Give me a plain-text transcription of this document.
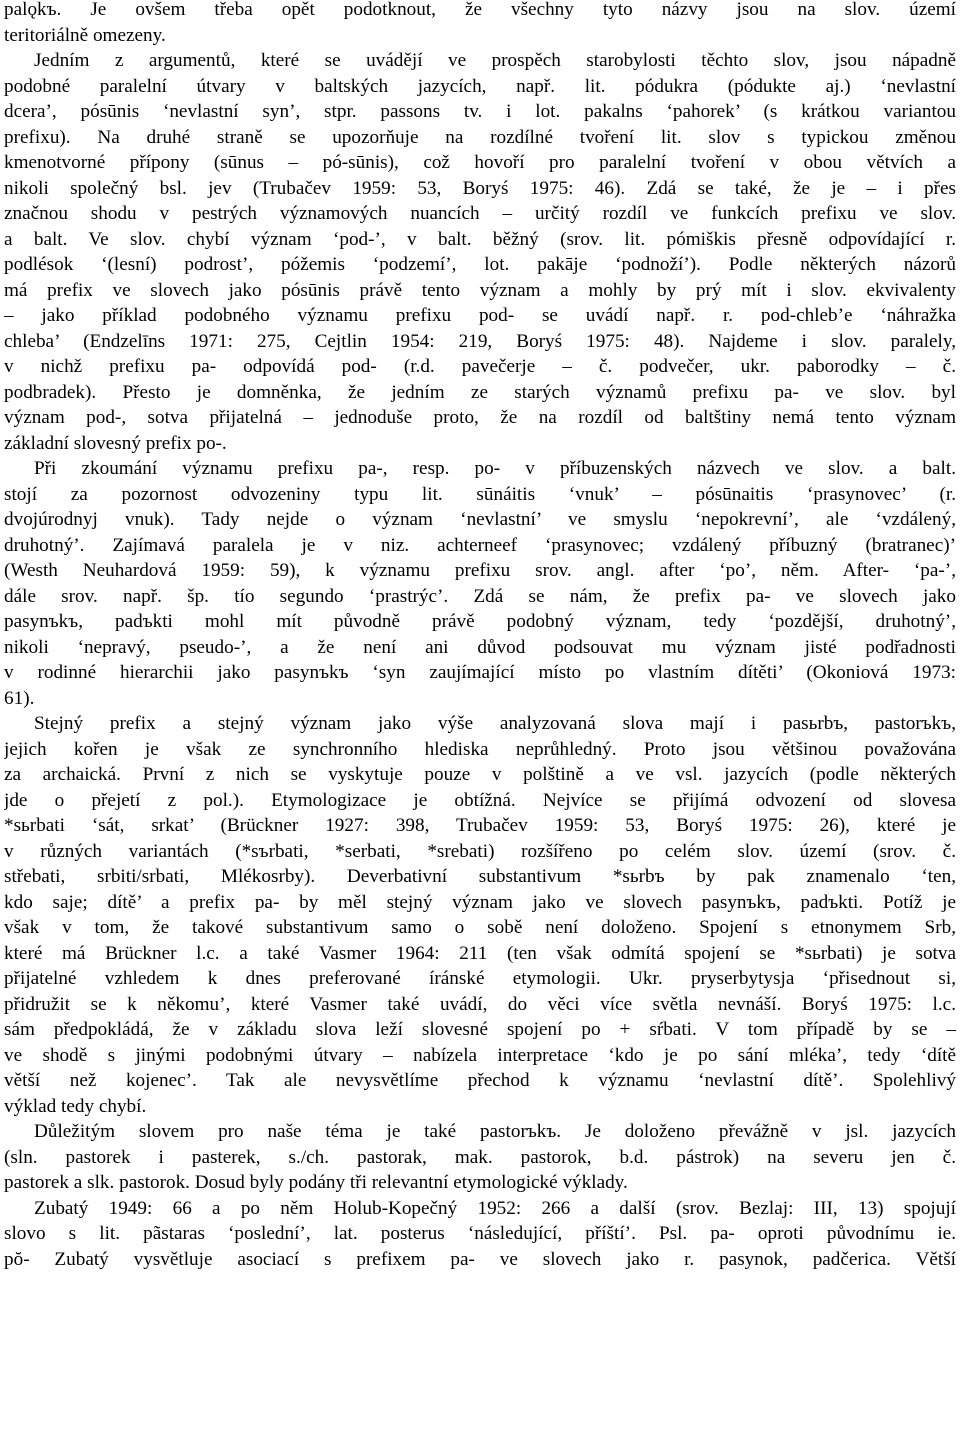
palǫkъ. Je ovšem třeba opět podotknout, že všechny tyto názvy jsou na slov. území
teritoriálně omezeny.
Jedním z argumentů, které se uvádějí ve prospěch starobylosti těchto slov, jsou nápadně
podobné paralelní útvary v baltských jazycích, např. lit. pódukra (pódukte aj.) ‘nevlastní
dcera’, pósūnis ‘nevlastní syn’, stpr. passons tv. i lot. pakalns ‘pahorek’ (s krátkou variantou
prefixu). Na druhé straně se upozorňuje na rozdílné tvoření lit. slov s typickou změnou
kmenotvorné přípony (sūnus – pó-sūnis), což hovoří pro paralelní tvoření v obou větvích a
nikoli společný bsl. jev (Trubačev 1959: 53, Boryś 1975: 46). Zdá se také, že je – i přes
značnou shodu v pestrých významových nuancích – určitý rozdíl ve funkcích prefixu ve slov.
a balt. Ve slov. chybí význam ‘pod-’, v balt. běžný (srov. lit. pómiškis přesně odpovídající r.
podlésok ‘(lesní) podrost’, póžemis ‘podzemí’, lot. pakāje ‘podnoží’). Podle některých názorů
má prefix ve slovech jako pósūnis právě tento význam a mohly by prý mít i slov. ekvivalenty
– jako příklad podobného významu prefixu pod- se uvádí např. r. pod-chleb’e ‘náhražka
chleba’ (Endzelīns 1971: 275, Cejtlin 1954: 219, Boryś 1975: 48). Najdeme i slov. paralely,
v nichž prefixu pa- odpovídá pod- (r.d. pavečerje – č. podvečer, ukr. paborodky – č.
podbradek). Přesto je domněnka, že jedním ze starých významů prefixu pa- ve slov. byl
význam pod-, sotva přijatelná – jednoduše proto, že na rozdíl od baltštiny nemá tento význam
základní slovesný prefix po-.
Při zkoumání významu prefixu pa-, resp. po- v příbuzenských názvech ve slov. a balt.
stojí za pozornost odvozeniny typu lit. sūnáitis ‘vnuk’ – pósūnaitis ‘prasynovec’ (r.
dvojúrodnyj vnuk). Tady nejde o význam ‘nevlastní’ ve smyslu ‘nepokrevní’, ale ‘vzdálený,
druhotný’. Zajímavá paralela je v niz. achterneef ‘prasynovec; vzdálený příbuzný (bratranec)’
(Westh Neuhardová 1959: 59), k významu prefixu srov. angl. after ‘po’, něm. After- ‘pa-’,
dále srov. např. šp. tío segundo ‘prastrýc’. Zdá se nám, že prefix pa- ve slovech jako
pasynъkъ, padъkti mohl mít původně právě podobný význam, tedy ‘pozdější, druhotný’,
nikoli ‘nepravý, pseudo-’, a že není ani důvod podsouvat mu význam jisté podřadnosti
v rodinné hierarchii jako pasynъkъ ‘syn zaujímající místo po vlastním dítěti’ (Okoniová 1973:
61).
Stejný prefix a stejný význam jako výše analyzovaná slova mají i pasьrbъ, pastorъkъ,
jejich kořen je však ze synchronního hlediska neprůhledný. Proto jsou většinou považována
za archaická. První z nich se vyskytuje pouze v polštině a ve vsl. jazycích (podle některých
jde o přejetí z pol.). Etymologizace je obtížná. Nejvíce se přijímá odvození od slovesa
*sьrbati ‘sát, srkat’ (Brückner 1927: 398, Trubačev 1959: 53, Boryś 1975: 26), které je
v různých variantách (*sъrbati, *serbati, *srebati) rozšířeno po celém slov. území (srov. č.
střebati, srbiti/srbati, Mlékosrby). Deverbativní substantivum *sьrbъ by pak znamenalo ‘ten,
kdo saje; dítě’ a prefix pa- by měl stejný význam jako ve slovech pasynъkъ, padъkti. Potíž je
však v tom, že takové substantivum samo o sobě není doloženo. Spojení s etnonymem Srb,
které má Brückner l.c. a také Vasmer 1964: 211 (ten však odmítá spojení se *sьrbati) je sotva
přijatelné vzhledem k dnes preferované íránské etymologii. Ukr. pryserbytysja ‘přisednout si,
přidružit se k někomu’, které Vasmer také uvádí, do věci více světla nevnáší. Boryś 1975: l.c.
sám předpokládá, že v základu slova leží slovesné spojení po + sŕbati. V tom případě by se –
ve shodě s jinými podobnými útvary – nabízela interpretace ‘kdo je po sání mléka’, tedy ‘dítě
větší než kojenec’. Tak ale nevysvětlíme přechod k významu ‘nevlastní dítě’. Spolehlivý
výklad tedy chybí.
Důležitým slovem pro naše téma je také pastorъkъ. Je doloženo převážně v jsl. jazycích
(sln. pastorek i pasterek, s./ch. pastorak, mak. pastorok, b.d. pástrok) na severu jen č.
pastorek a slk. pastorok. Dosud byly podány tři relevantní etymologické výklady.
Zubatý 1949: 66 a po něm Holub-Kopečný 1952: 266 a další (srov. Bezlaj: III, 13) spojují
slovo s lit. pãstaras ‘poslední’, lat. posterus ‘následující, příští’. Psl. pa- oproti původnímu ie.
pŏ- Zubatý vysvětluje asociací s prefixem pa- ve slovech jako r. pasynok, padčerica. Větší
